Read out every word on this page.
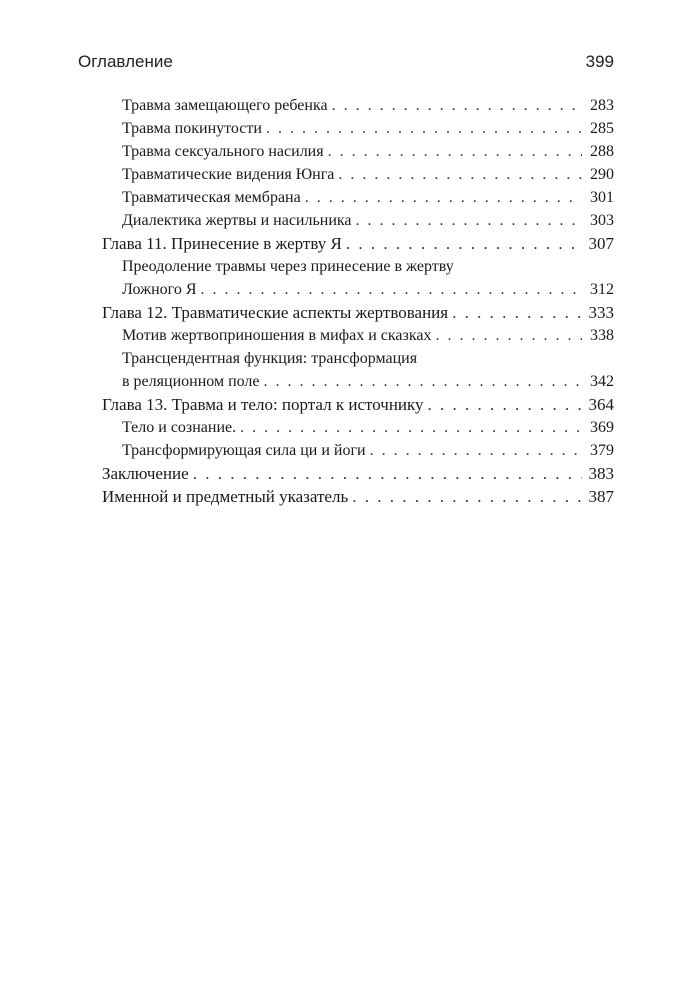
Оглавление	399
Травма замещающего ребенка . . .	283
Травма покинутости . . .	285
Травма сексуального насилия . . .	288
Травматические видения Юнга . . .	290
Травматическая мембрана . . .	301
Диалектика жертвы и насильника . . .	303
Глава 11. Принесение в жертву Я . . .	307
Преодоление травмы через принесение в жертву
Ложного Я . . .	312
Глава 12. Травматические аспекты жертвования . . .	333
Мотив жертвоприношения в мифах и сказках . . .	338
Трансцендентная функция: трансформация
в реляционном поле . . .	342
Глава 13. Травма и тело: портал к источнику . . .	364
Тело и сознание. . . .	369
Трансформирующая сила ци и йоги . . .	379
Заключение . . .	383
Именной и предметный указатель . . .	387
